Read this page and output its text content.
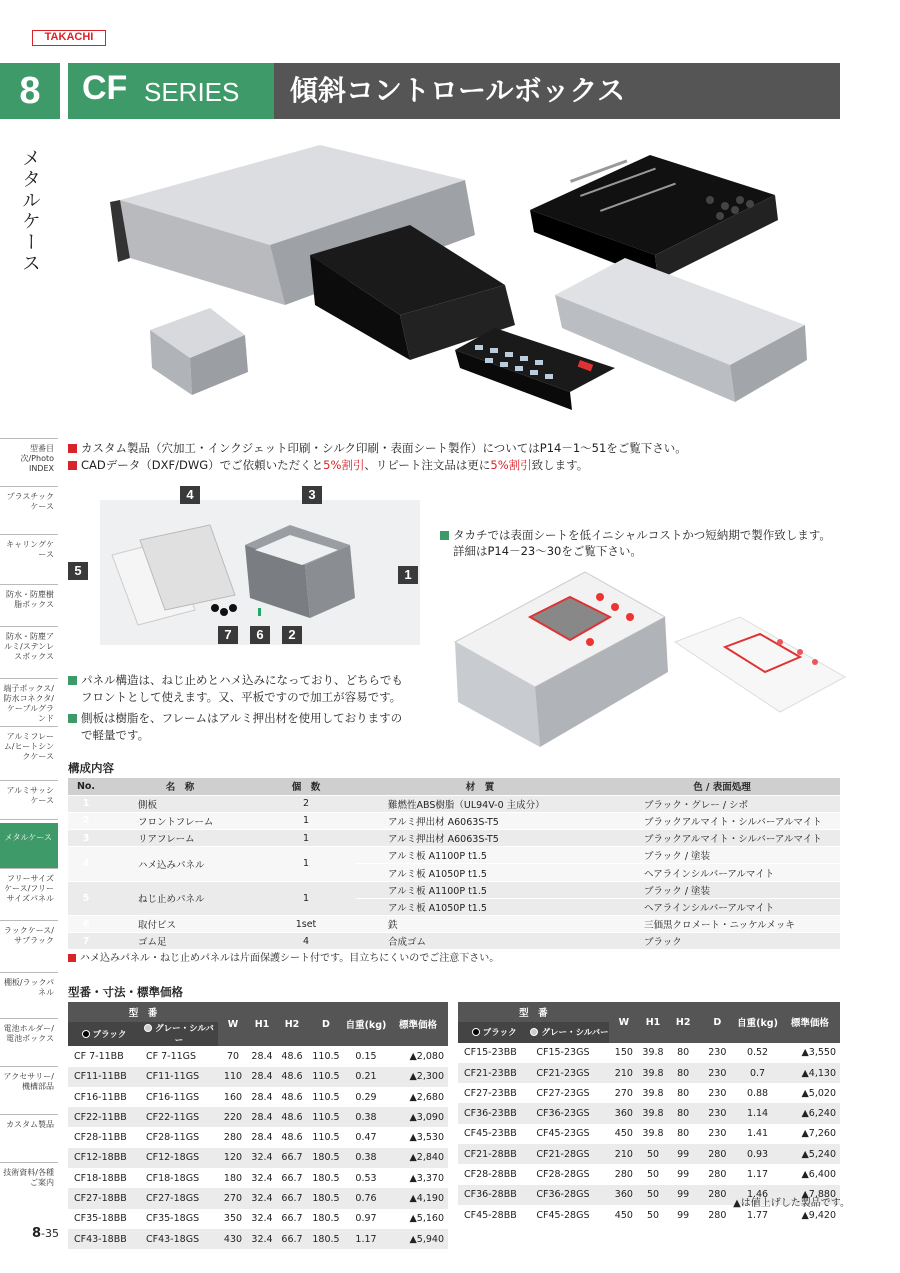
TAKACHI
8	CF SERIES	傾斜コントロールボックス
メタルケース
型番目次/Photo INDEX
プラスチックケース
キャリングケース
防水・防塵樹脂ボックス
防水・防塵アルミ/ステンレスボックス
端子ボックス/防水コネクタ/ケーブルグランド
アルミフレーム/ヒートシンクケース
アルミサッシケース
メタルケース
フリーサイズケース/フリーサイズパネル
ラックケース/サブラック
棚板/ラックパネル
電池ホルダー/電池ボックス
アクセサリー/機構部品
カスタム製品
技術資料/各種ご案内
カスタム製品（穴加工・インクジェット印刷・シルク印刷・表面シート製作）についてはP14－1～51をご覧下さい。
CADデータ（DXF/DWG）でご依頼いただくと5%割引、リピート注文品は更に5%割引致します。
4	3
5	1
7	6	2
タカチでは表面シートを低イニシャルコストかつ短納期で製作致します。
詳細はP14－23～30をご覧下さい。
パネル構造は、ねじ止めとハメ込みになっており、どちらでも
フロントとして使えます。又、平板ですので加工が容易です。
側板は樹脂を、フレームはアルミ押出材を使用しておりますの
で軽量です。
構成内容
No.	名　称	個　数	材　質	色 / 表面処理
1	側板	2	難燃性ABS樹脂（UL94V-0 主成分）	ブラック・グレー / シボ
2	フロントフレーム	1	アルミ押出材 A6063S-T5	ブラックアルマイト・シルバーアルマイト
3	リアフレーム	1	アルミ押出材 A6063S-T5	ブラックアルマイト・シルバーアルマイト
4	ハメ込みパネル	1	アルミ板 A1100P t1.5	ブラック / 塗装
			アルミ板 A1050P t1.5	ヘアラインシルバーアルマイト
5	ねじ止めパネル	1	アルミ板 A1100P t1.5	ブラック / 塗装
			アルミ板 A1050P t1.5	ヘアラインシルバーアルマイト
6	取付ビス	1set	鉄	三価黒クロメート・ニッケルメッキ
7	ゴム足	4	合成ゴム	ブラック
ハメ込みパネル・ねじ止めパネルは片面保護シート付です。目立ちにくいのでご注意下さい。
型番・寸法・標準価格
型　番		W	H1	H2	D	自重(kg)	標準価格
ブラック	グレー・シルバー						
CF 7-11BB	CF 7-11GS	70	28.4	48.6	110.5	0.15	▲2,080
CF11-11BB	CF11-11GS	110	28.4	48.6	110.5	0.21	▲2,300
CF16-11BB	CF16-11GS	160	28.4	48.6	110.5	0.29	▲2,680
CF22-11BB	CF22-11GS	220	28.4	48.6	110.5	0.38	▲3,090
CF28-11BB	CF28-11GS	280	28.4	48.6	110.5	0.47	▲3,530
CF12-18BB	CF12-18GS	120	32.4	66.7	180.5	0.38	▲2,840
CF18-18BB	CF18-18GS	180	32.4	66.7	180.5	0.53	▲3,370
CF27-18BB	CF27-18GS	270	32.4	66.7	180.5	0.76	▲4,190
CF35-18BB	CF35-18GS	350	32.4	66.7	180.5	0.97	▲5,160
CF43-18BB	CF43-18GS	430	32.4	66.7	180.5	1.17	▲5,940
型　番		W	H1	H2	D	自重(kg)	標準価格
ブラック	グレー・シルバー						
CF15-23BB	CF15-23GS	150	39.8	80	230	0.52	▲3,550
CF21-23BB	CF21-23GS	210	39.8	80	230	0.7	▲4,130
CF27-23BB	CF27-23GS	270	39.8	80	230	0.88	▲5,020
CF36-23BB	CF36-23GS	360	39.8	80	230	1.14	▲6,240
CF45-23BB	CF45-23GS	450	39.8	80	230	1.41	▲7,260
CF21-28BB	CF21-28GS	210	50	99	280	0.93	▲5,240
CF28-28BB	CF28-28GS	280	50	99	280	1.17	▲6,400
CF36-28BB	CF36-28GS	360	50	99	280	1.46	▲7,880
CF45-28BB	CF45-28GS	450	50	99	280	1.77	▲9,420
▲は値上げした製品です。
8-35
